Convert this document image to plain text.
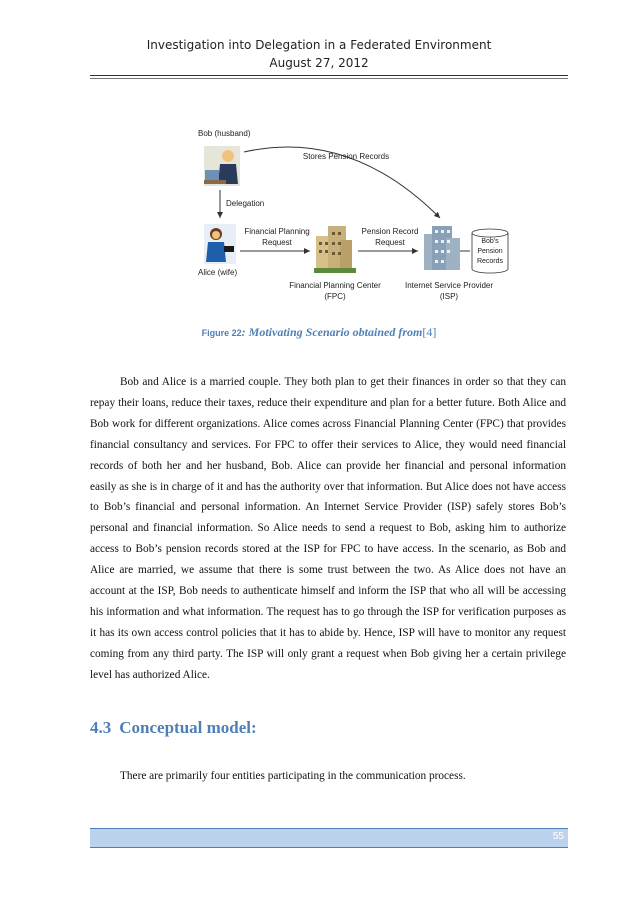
Investigation into Delegation in a Federated Environment
August 27, 2012
Bob (husband)
Stores Pension Records
Delegation
Financial Planning
Request
Pension Record
Request
Alice (wife)
Financial Planning Center
(FPC)
Internet Service Provider
(ISP)
Bob's
Pension
Records
Figure 22: Motivating Scenario obtained from[4]
Bob and Alice is a married couple. They both plan to get their finances in order so that they can repay their loans, reduce their taxes, reduce their expenditure and plan for a better future. Both Alice and Bob work for different organizations. Alice comes across Financial Planning Center (FPC) that provides financial consultancy and services. For FPC to offer their services to Alice, they would need financial records of both her and her husband, Bob. Alice can provide her financial and personal information easily as she is in charge of it and has the authority over that information. But Alice does not have access to Bob’s financial and personal information. An Internet Service Provider (ISP) safely stores Bob’s personal and financial information. So Alice needs to send a request to Bob, asking him to authorize access to Bob’s pension records stored at the ISP for FPC to have access. In the scenario, as Bob and Alice are married, we assume that there is some trust between the two. As Alice does not have an account at the ISP, Bob needs to authenticate himself and inform the ISP that who all will be accessing his information and what information. The request has to go through the ISP for verification purposes as it has its own access control policies that it has to abide by. Hence, ISP will have to monitor any request coming from any third party. The ISP will only grant a request when Bob giving her a certain privilege level has authorized Alice.
4.3 Conceptual model:
There are primarily four entities participating in the communication process.
55
